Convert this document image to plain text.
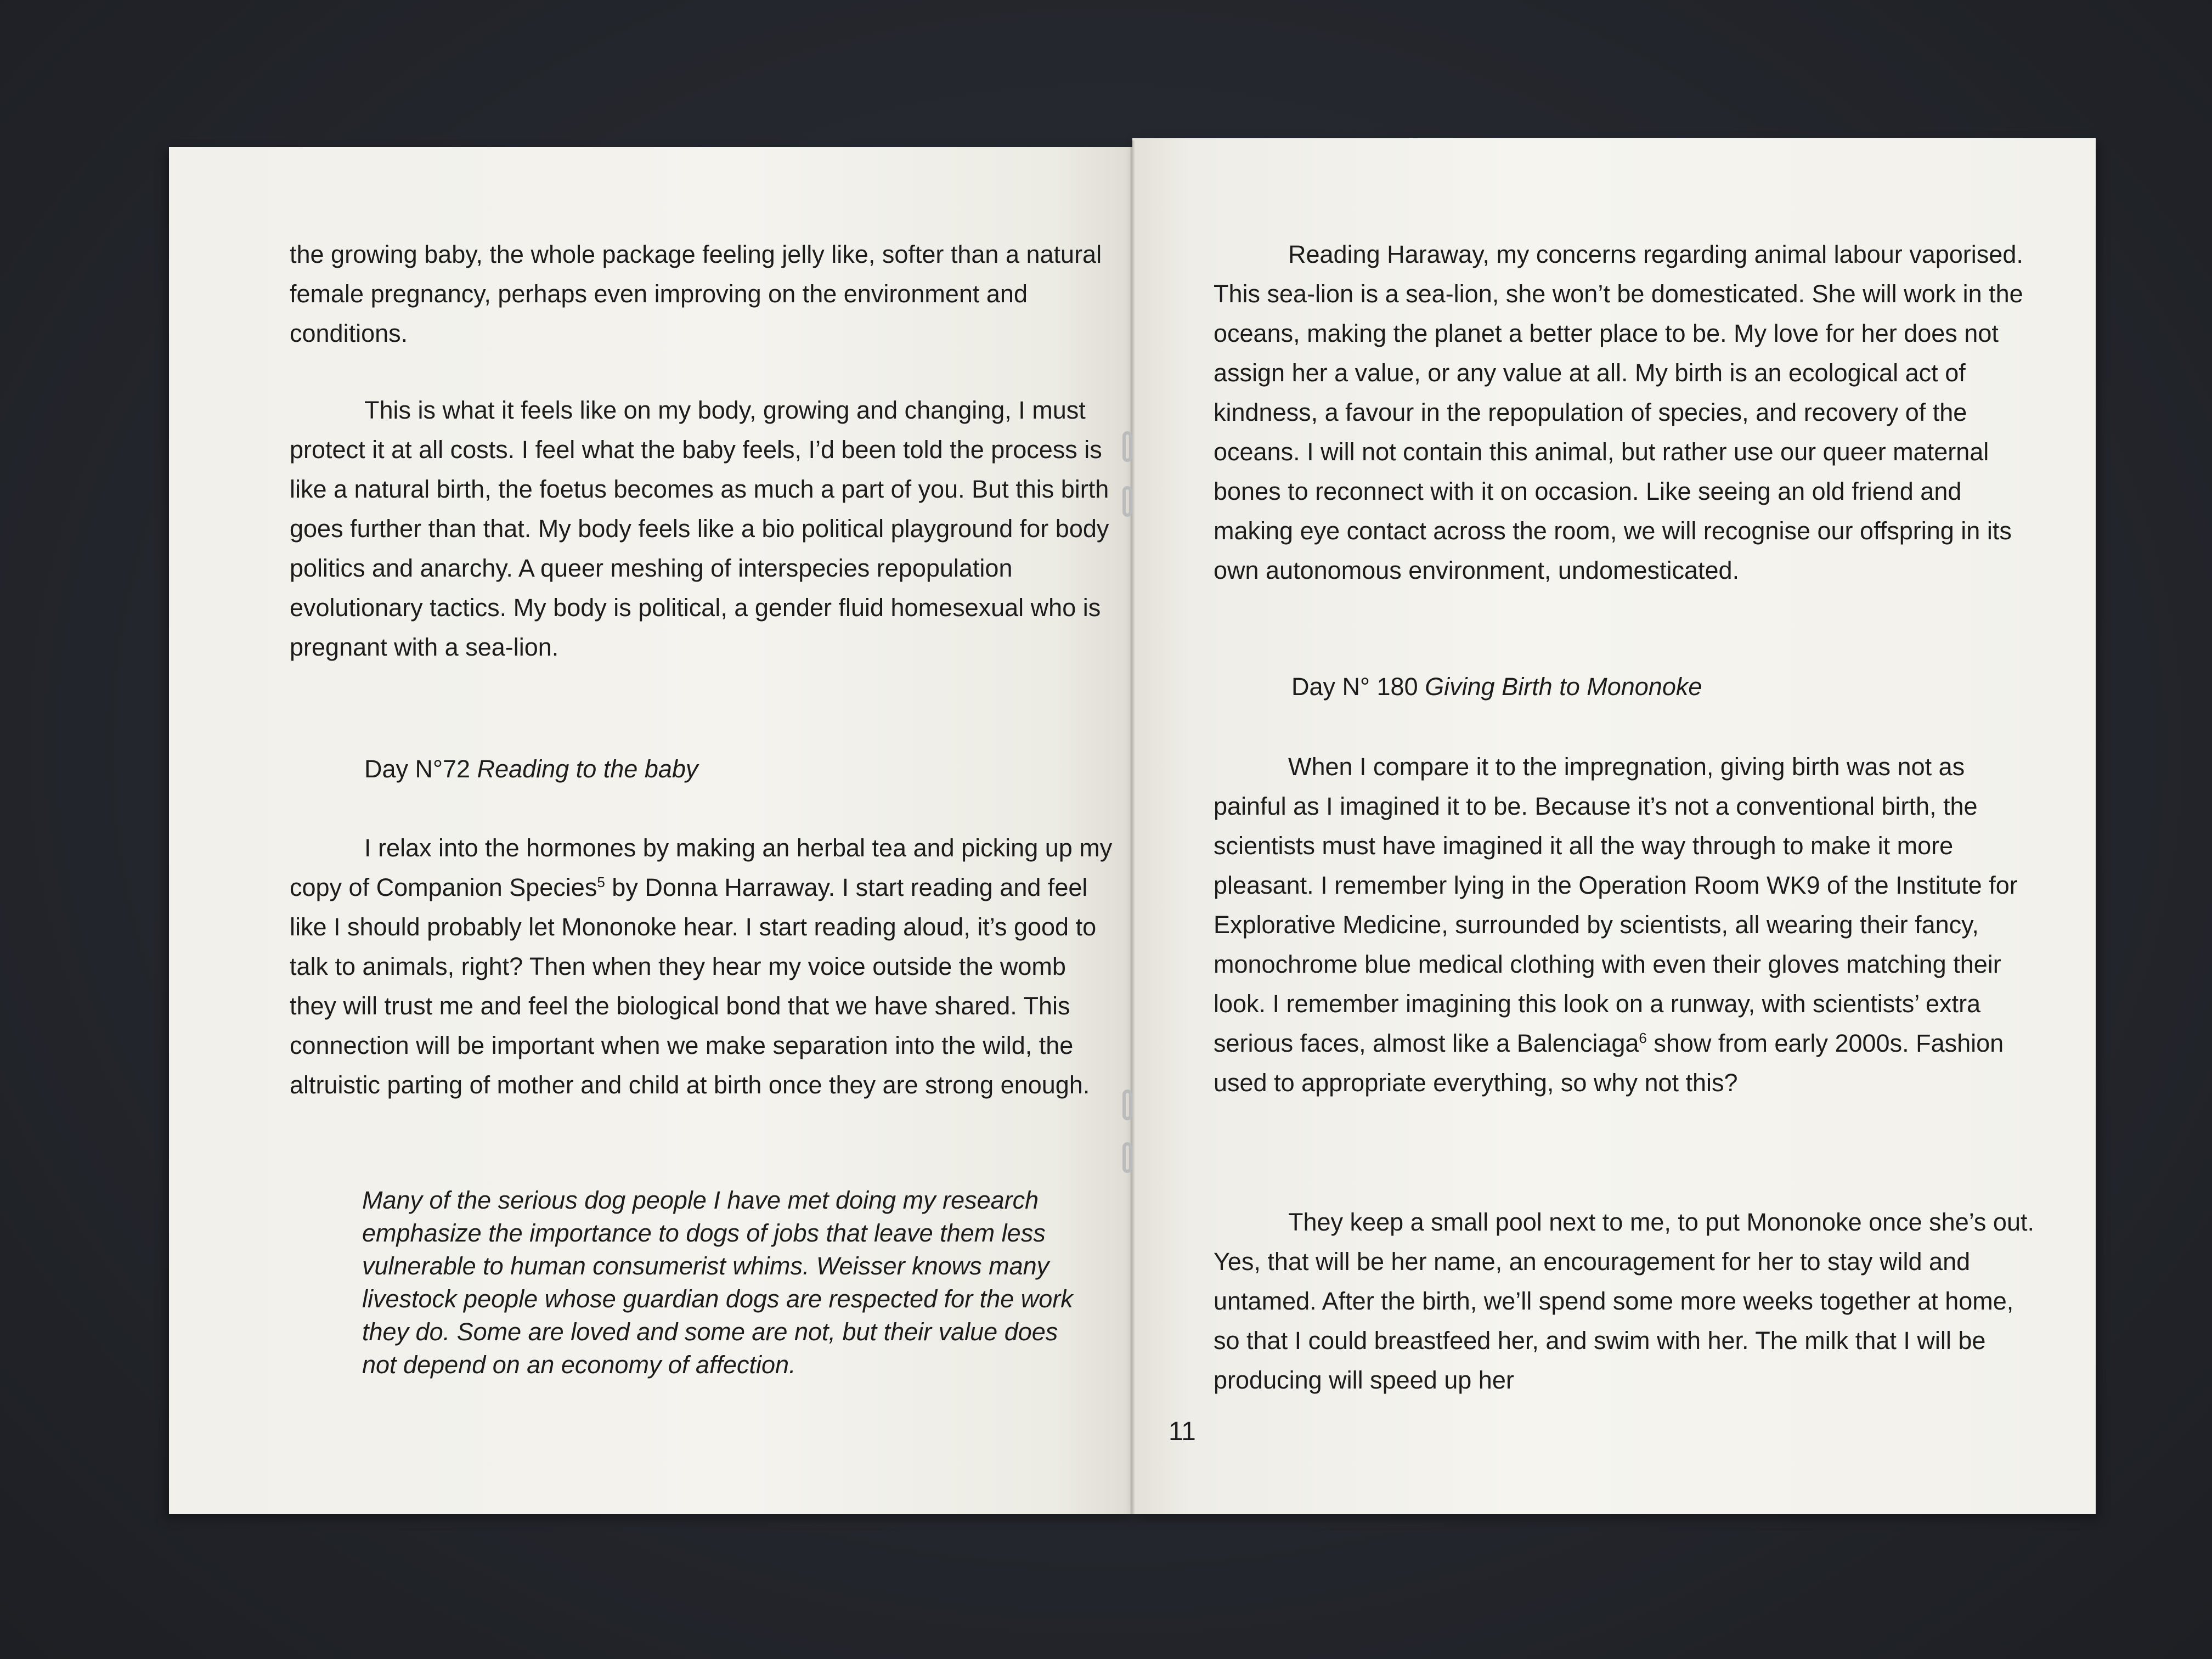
the growing baby, the whole package feeling jelly like, softer than a natural female pregnancy, perhaps even improving on the environment and conditions.

This is what it feels like on my body, growing and changing, I must protect it at all costs. I feel what the baby feels, I’d been told the process is like a natural birth, the foetus becomes as much a part of you. But this birth goes further than that. My body feels like a bio political playground for body politics and anarchy. A queer meshing of interspecies repopulation evolutionary tactics. My body is political, a gender fluid homesexual who is pregnant with a sea-lion.

Day N°72 Reading to the baby

I relax into the hormones by making an herbal tea and picking up my copy of Companion Species$^5$ by Donna Harraway. I start reading and feel like I should probably let Mononoke hear. I start reading aloud, it’s good to talk to animals, right? Then when they hear my voice outside the womb they will trust me and feel the biological bond that we have shared. This connection will be important when we make separation into the wild, the altruistic parting of mother and child at birth once they are strong enough.

Many of the serious dog people I have met doing my research emphasize the importance to dogs of jobs that leave them less vulnerable to human consumerist whims. Weisser knows many livestock people whose guardian dogs are respected for the work they do. Some are loved and some are not, but their value does not depend on an economy of affection.

Reading Haraway, my concerns regarding animal labour vaporised. This sea-lion is a sea-lion, she won’t be domesticated. She will work in the oceans, making the planet a better place to be. My love for her does not assign her a value, or any value at all. My birth is an ecological act of kindness, a favour in the repopulation of species, and recovery of the oceans. I will not contain this animal, but rather use our queer maternal bones to reconnect with it on occasion. Like seeing an old friend and making eye contact across the room, we will recognise our offspring in its own autonomous environment, undomesticated.

Day N° 180 Giving Birth to Mononoke

When I compare it to the impregnation, giving birth was not as painful as I imagined it to be. Because it’s not a conventional birth, the scientists must have imagined it all the way through to make it more pleasant. I remember lying in the Operation Room WK9 of the Institute for Explorative Medicine, surrounded by scientists, all wearing their fancy, monochrome blue medical clothing with even their gloves matching their look. I remember imagining this look on a runway, with scientists’ extra serious faces, almost like a Balenciaga$^6$ show from early 2000s. Fashion used to appropriate everything, so why not this?

They keep a small pool next to me, to put Mononoke once she’s out. Yes, that will be her name, an encouragement for her to stay wild and untamed. After the birth, we’ll spend some more weeks together at home, so that I could breastfeed her, and swim with her. The milk that I will be producing will speed up her

11
